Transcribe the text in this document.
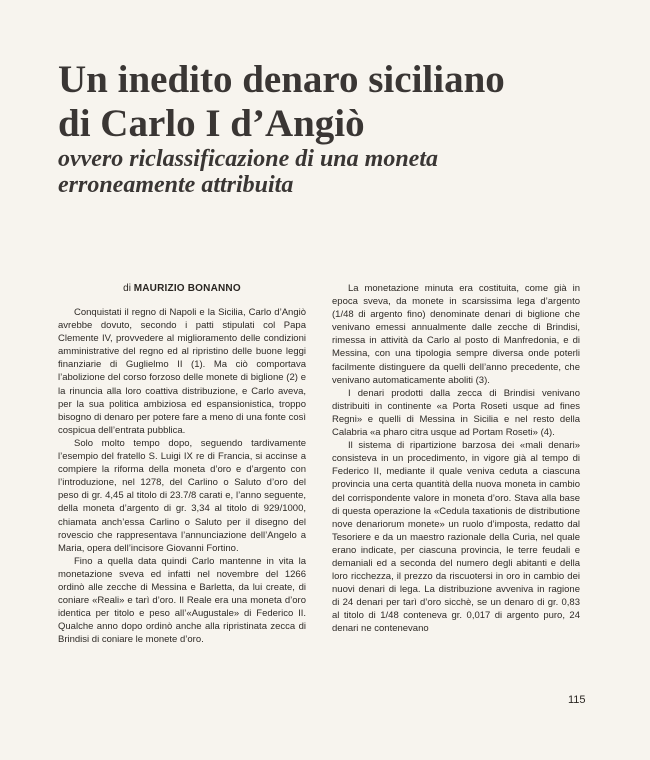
Un inedito denaro siciliano
di Carlo I d’Angiò
ovvero riclassificazione di una moneta
erroneamente attribuita

di MAURIZIO BONANNO

Conquistati il regno di Napoli e la Sicilia, Carlo d’Angiò avrebbe dovuto, secondo i patti stipulati col Papa Clemente IV, provvedere al miglioramento delle condizioni amministrative del regno ed al ripristino delle buone leggi finanziarie di Guglielmo II (1). Ma ciò comportava l’abolizione del corso forzoso delle monete di biglione (2) e la rinuncia alla loro coattiva distribuzione, e Carlo aveva, per la sua politica ambiziosa ed espansionistica, troppo bisogno di denaro per potere fare a meno di una fonte così cospicua dell’entrata pubblica.

Solo molto tempo dopo, seguendo tardivamente l’esempio del fratello S. Luigi IX re di Francia, si accinse a compiere la riforma della moneta d’oro e d’argento con l’introduzione, nel 1278, del Carlino o Saluto d’oro del peso di gr. 4,45 al titolo di 23.7/8 carati e, l’anno seguente, della moneta d’argento di gr. 3,34 al titolo di 929/1000, chiamata anch’essa Carlino o Saluto per il disegno del rovescio che rappresentava l’annunciazione dell’Angelo a Maria, opera dell’incisore Giovanni Fortino.

Fino a quella data quindi Carlo mantenne in vita la monetazione sveva ed infatti nel novembre del 1266 ordinò alle zecche di Messina e Barletta, da lui create, di coniare «Reali» e tarì d’oro. Il Reale era una moneta d’oro identica per titolo e peso all’«Augustale» di Federico II. Qualche anno dopo ordinò anche alla ripristinata zecca di Brindisi di coniare le monete d’oro.

La monetazione minuta era costituita, come già in epoca sveva, da monete in scarsissima lega d’argento (1/48 di argento fino) denominate denari di biglione che venivano emessi annualmente dalle zecche di Brindisi, rimessa in attività da Carlo al posto di Manfredonia, e di Messina, con una tipologia sempre diversa onde poterli facilmente distinguere da quelli dell’anno precedente, che venivano automaticamente aboliti (3).

I denari prodotti dalla zecca di Brindisi venivano distribuiti in continente «a Porta Roseti usque ad fines Regni» e quelli di Messina in Sicilia e nel resto della Calabria «a pharo citra usque ad Portam Roseti» (4).

Il sistema di ripartizione barzosa dei «mali denari» consisteva in un procedimento, in vigore già al tempo di Federico II, mediante il quale veniva ceduta a ciascuna provincia una certa quantità della nuova moneta in cambio del corrispondente valore in moneta d’oro. Stava alla base di questa operazione la «Cedula taxationis de distributione nove denariorum monete» un ruolo d’imposta, redatto dal Tesoriere e da un maestro razionale della Curia, nel quale erano indicate, per ciascuna provincia, le terre feudali e demaniali ed a seconda del numero degli abitanti e della loro ricchezza, il prezzo da riscuotersi in oro in cambio dei nuovi denari di lega. La distribuzione avveniva in ragione di 24 denari per tarì d’oro sicchè, se un denaro di gr. 0,83 al titolo di 1/48 conteneva gr. 0,017 di argento puro, 24 denari ne contenevano

115
